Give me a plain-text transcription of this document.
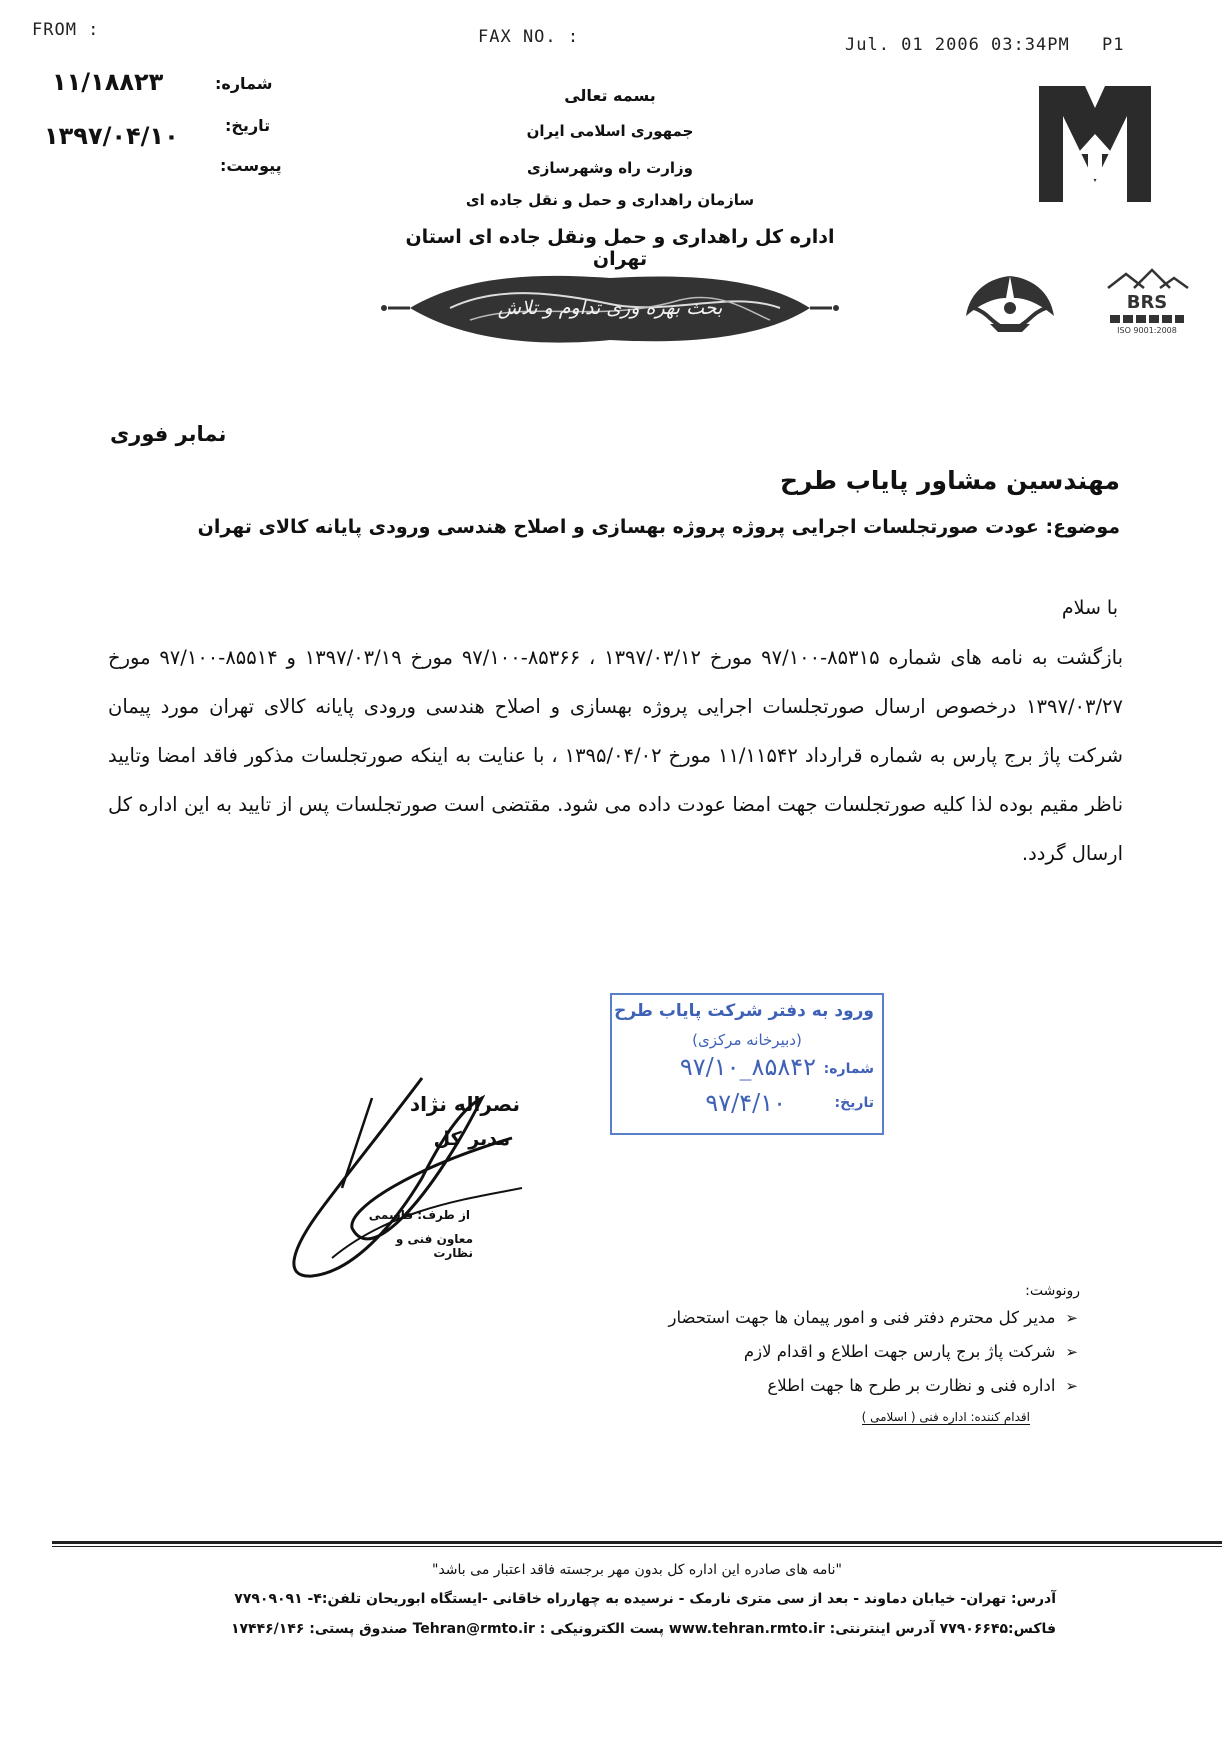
FROM :	FAX NO. :	Jul. 01 2006 03:34PM P1
شماره:
۱۱/۱۸۸۲۳
تاریخ:
۱۳۹۷/۰۴/۱۰
پیوست:
بسمه تعالی
جمهوری اسلامی ایران
وزارت راه وشهرسازی
سازمان راهداری و حمل و نقل جاده ای
اداره کل راهداری و حمل ونقل جاده ای استان تهران
بحث بهره وری تداوم و تلاش	BRS
ISO 9001:2008
نمابر فوری
مهندسین مشاور پایاب طرح
موضوع: عودت صورتجلسات اجرایی پروژه پروژه بهسازی و اصلاح هندسی ورودی پایانه کالای تهران
با سلام
بازگشت به نامه های شماره ۸۵۳۱۵-۹۷/۱۰۰ مورخ ۱۳۹۷/۰۳/۱۲ ، ۸۵۳۶۶-۹۷/۱۰۰ مورخ ۱۳۹۷/۰۳/۱۹ و ۸۵۵۱۴-۹۷/۱۰۰ مورخ ۱۳۹۷/۰۳/۲۷ درخصوص ارسال صورتجلسات اجرایی پروژه بهسازی و اصلاح هندسی ورودی پایانه کالای تهران مورد پیمان شرکت پاژ برج پارس به شماره قرارداد ۱۱/۱۱۵۴۲ مورخ ۱۳۹۵/۰۴/۰۲ ، با عنایت به اینکه صورتجلسات مذکور فاقد امضا وتایید ناظر مقیم بوده لذا کلیه صورتجلسات جهت امضا عودت داده می شود. مقتضی است صورتجلسات پس از تایید به این اداره کل ارسال گردد.
نصراله نژاد
مدیر کل
از طرف: قاسمی
معاون فنی و نظارت
ورود به دفتر شرکت پایاب طرح
(دبیرخانه مرکزی)
شماره:
۸۵۸۴۲_۹۷/۱۰
تاریخ:
۹۷/۴/۱۰
رونوشت:
➢مدیر کل محترم دفتر فنی و امور پیمان ها جهت استحضار
➢شرکت پاژ برج پارس جهت اطلاع و اقدام لازم
➢اداره فنی و نظارت بر طرح ها جهت اطلاع
اقدام کننده: اداره فنی ( اسلامی )
"نامه های صادره این اداره کل بدون مهر برجسته فاقد اعتبار می باشد"
آدرس: تهران- خیابان دماوند - بعد از سی متری نارمک - نرسیده به چهارراه خاقانی -ایستگاه ابوریحان تلفن:۴- ۷۷۹۰۹۰۹۱
فاکس:۷۷۹۰۶۶۴۵ آدرس اینترنتی: www.tehran.rmto.ir پست الکترونیکی : Tehran@rmto.ir صندوق پستی: ۱۷۴۴۶/۱۴۶
